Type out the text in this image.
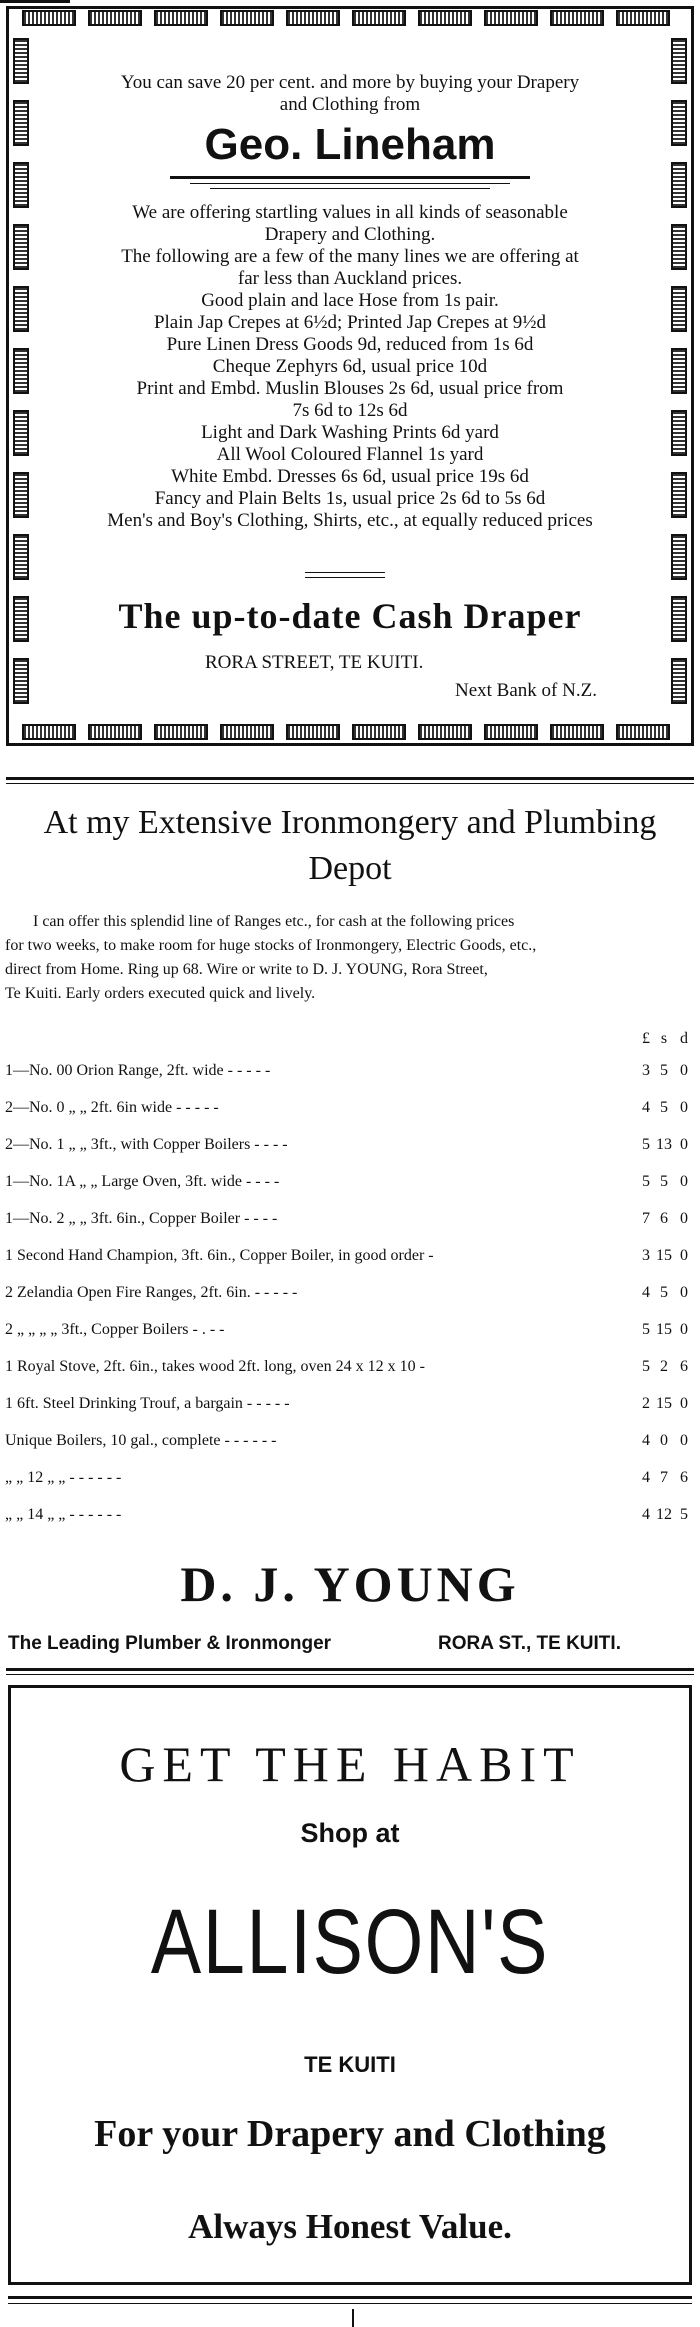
You can save 20 per cent. and more by buying your Drapery
and Clothing from
Geo. Lineham
We are offering startling values in all kinds of seasonable
Drapery and Clothing.
The following are a few of the many lines we are offering at
far less than Auckland prices.
Good plain and lace Hose from 1s pair.
Plain Jap Crepes at 6½d; Printed Jap Crepes at 9½d
Pure Linen Dress Goods 9d, reduced from 1s 6d
Cheque Zephyrs 6d, usual price 10d
Print and Embd. Muslin Blouses 2s 6d, usual price from
7s 6d to 12s 6d
Light and Dark Washing Prints 6d yard
All Wool Coloured Flannel 1s yard
White Embd. Dresses 6s 6d, usual price 19s 6d
Fancy and Plain Belts 1s, usual price 2s 6d to 5s 6d
Men's and Boy's Clothing, Shirts, etc., at equally reduced prices
The up-to-date Cash Draper
RORA STREET, TE KUITI.
Next Bank of N.Z.
At my Extensive Ironmongery and Plumbing
Depot
I can offer this splendid line of Ranges etc., for cash at the following prices
for two weeks, to make room for huge stocks of Ironmongery, Electric Goods, etc.,
direct from Home. Ring up 68. Wire or write to D. J. YOUNG, Rora Street,
Te Kuiti. Early orders executed quick and lively.
£ s d
1—No. 00 Orion Range, 2ft. wide - - - - -	3 5 0
2—No. 0 „ „ 2ft. 6in wide - - - - -	4 5 0
2—No. 1 „ „ 3ft., with Copper Boilers - - - -	5 13 0
1—No. 1A „ „ Large Oven, 3ft. wide - - - -	5 5 0
1—No. 2 „ „ 3ft. 6in., Copper Boiler - - - -	7 6 0
1 Second Hand Champion, 3ft. 6in., Copper Boiler, in good order -	3 15 0
2 Zelandia Open Fire Ranges, 2ft. 6in. - - - - -	4 5 0
2 „ „ „ „ 3ft., Copper Boilers - . - -	5 15 0
1 Royal Stove, 2ft. 6in., takes wood 2ft. long, oven 24 x 12 x 10 -	5 2 6
1 6ft. Steel Drinking Trouf, a bargain - - - - -	2 15 0
Unique Boilers, 10 gal., complete - - - - - -	4 0 0
„ „ 12 „ „ - - - - - -	4 7 6
„ „ 14 „ „ - - - - - -	4 12 5
D. J. YOUNG
The Leading Plumber & Ironmonger	RORA ST., TE KUITI.
GET THE HABIT
Shop at
ALLISON'S
TE KUITI
For your Drapery and Clothing
Always Honest Value.
